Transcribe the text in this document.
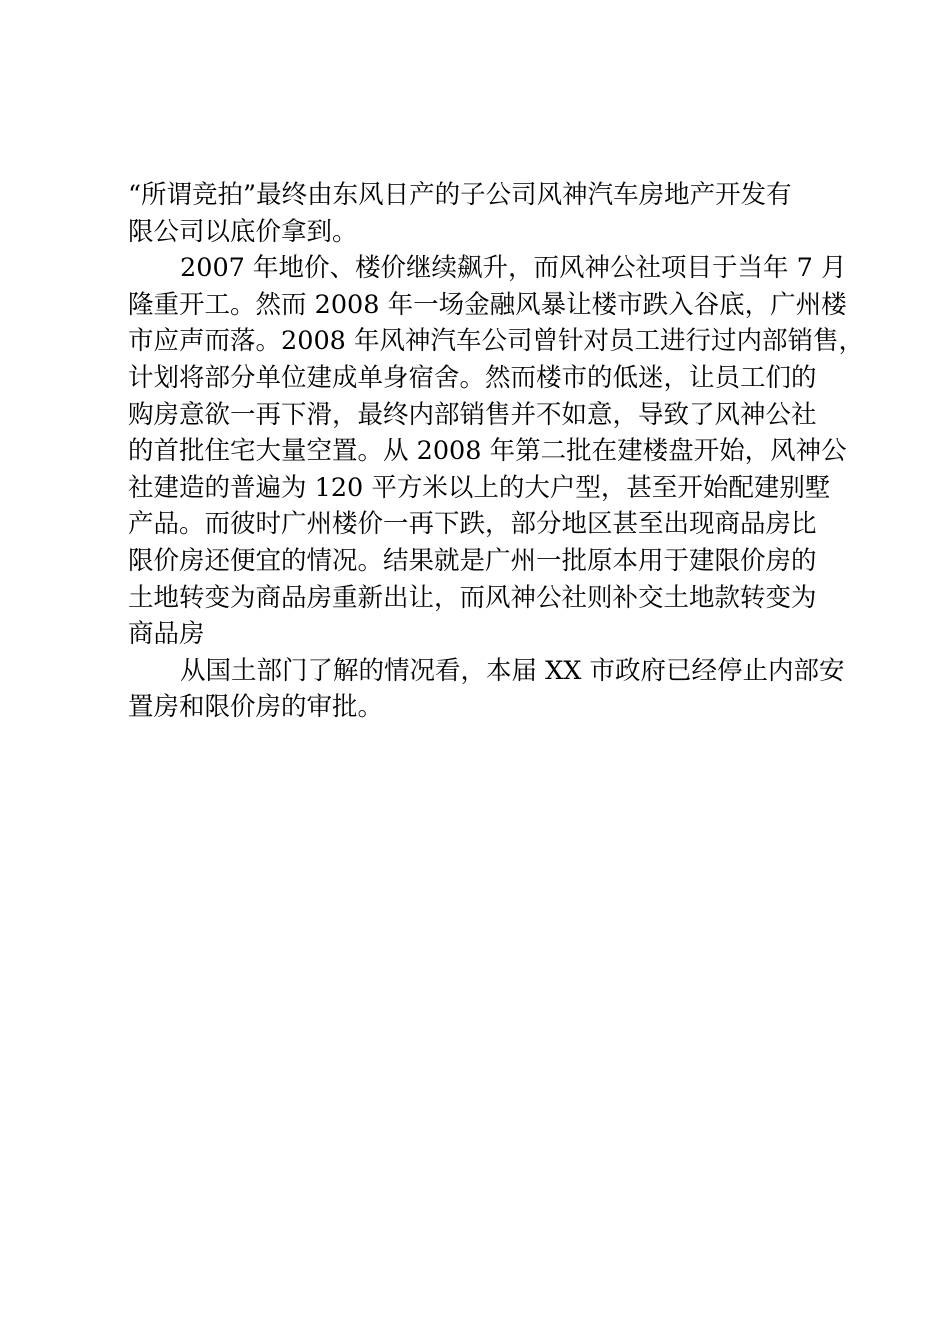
“所谓竞拍”最终由东风日产的子公司风神汽车房地产开发有
限公司以底价拿到。

2007 年地价、楼价继续飙升，而风神公社项目于当年 7 月
隆重开工。然而 2008 年一场金融风暴让楼市跌入谷底，广州楼
市应声而落。2008 年风神汽车公司曾针对员工进行过内部销售，
计划将部分单位建成单身宿舍。然而楼市的低迷，让员工们的
购房意欲一再下滑，最终内部销售并不如意，导致了风神公社
的首批住宅大量空置。从 2008 年第二批在建楼盘开始，风神公
社建造的普遍为 120 平方米以上的大户型，甚至开始配建别墅
产品。而彼时广州楼价一再下跌，部分地区甚至出现商品房比
限价房还便宜的情况。结果就是广州一批原本用于建限价房的
土地转变为商品房重新出让，而风神公社则补交土地款转变为
商品房

从国土部门了解的情况看，本届 XX 市政府已经停止内部安
置房和限价房的审批。
